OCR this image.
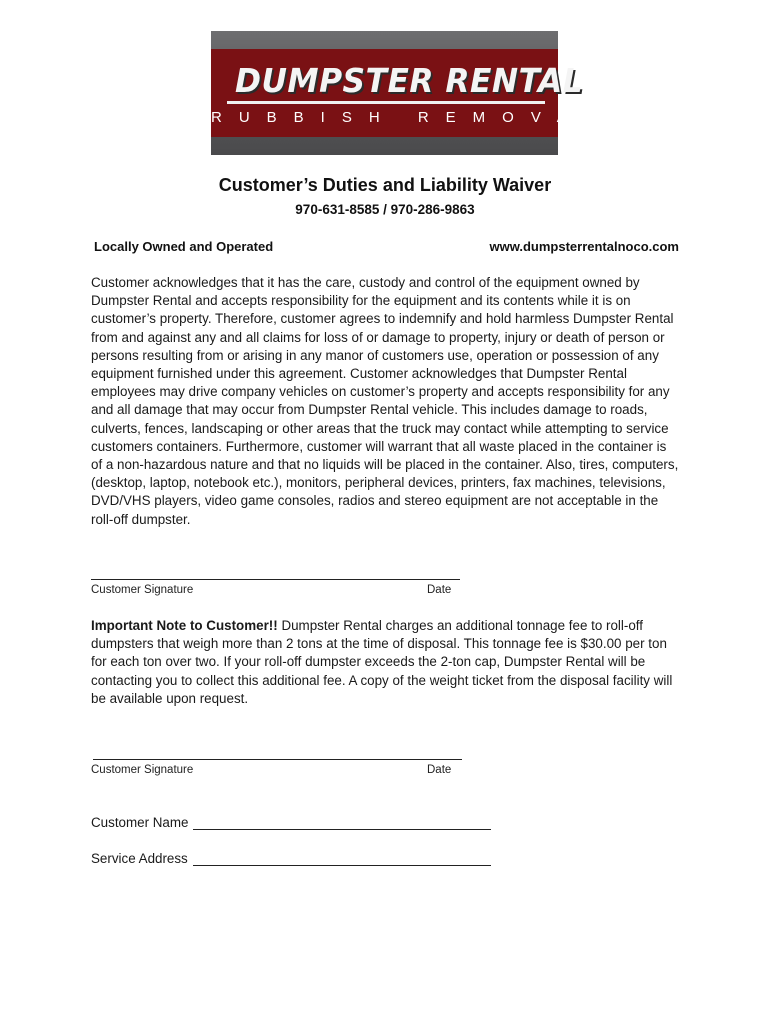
DUMPSTER RENTAL
RUBBISH REMOVAL
Customer’s Duties and Liability Waiver
970-631-8585 / 970-286-9863
Locally Owned and Operated	www.dumpsterrentalnoco.com

Customer acknowledges that it has the care, custody and control of the equipment owned by Dumpster Rental and accepts responsibility for the equipment and its contents while it is on customer’s property. Therefore, customer agrees to indemnify and hold harmless Dumpster Rental from and against any and all claims for loss of or damage to property, injury or death of person or persons resulting from or arising in any manor of customers use, operation or possession of any equipment furnished under this agreement. Customer acknowledges that Dumpster Rental employees may drive company vehicles on customer’s property and accepts responsibility for any and all damage that may occur from Dumpster Rental vehicle. This includes damage to roads, culverts, fences, landscaping or other areas that the truck may contact while attempting to service customers containers. Furthermore, customer will warrant that all waste placed in the container is of a non-hazardous nature and that no liquids will be placed in the container. Also, tires, computers, (desktop, laptop, notebook etc.), monitors, peripheral devices, printers, fax machines, televisions, DVD/VHS players, video game consoles, radios and stereo equipment are not acceptable in the roll-off dumpster.

Customer Signature	Date

Important Note to Customer!! Dumpster Rental charges an additional tonnage fee to roll-off dumpsters that weigh more than 2 tons at the time of disposal. This tonnage fee is $30.00 per ton for each ton over two. If your roll-off dumpster exceeds the 2-ton cap, Dumpster Rental will be contacting you to collect this additional fee. A copy of the weight ticket from the disposal facility will be available upon request.

Customer Signature	Date
Customer Name
Service Address
